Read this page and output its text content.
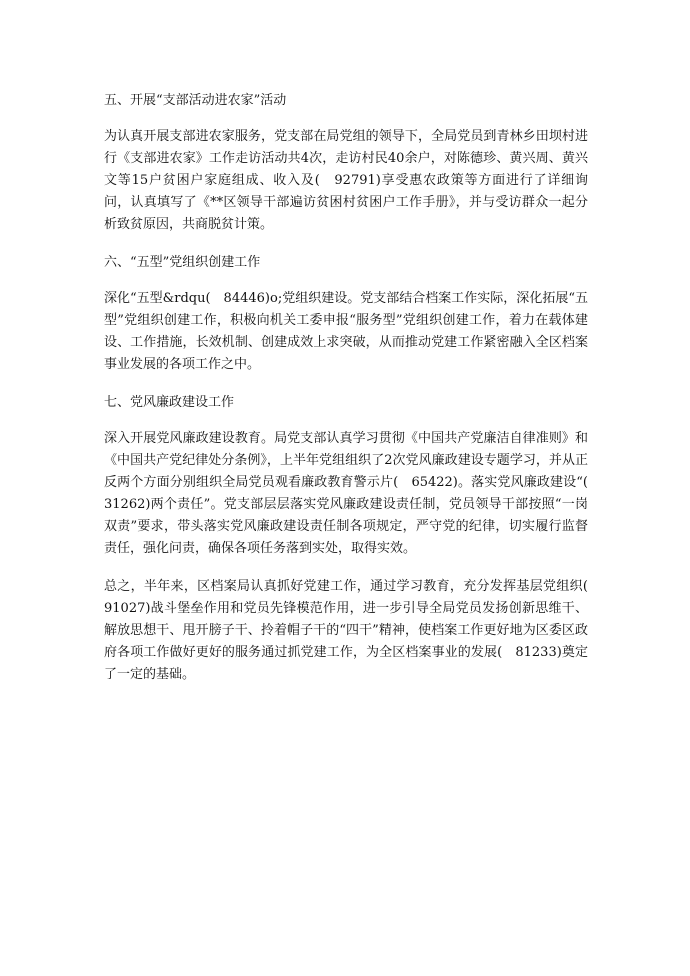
五、开展“支部活动进农家”活动

为认真开展支部进农家服务，党支部在局党组的领导下，全局党员到青林乡田坝村进行《支部进农家》工作走访活动共4次，走访村民40余户，对陈德珍、黄兴周、黄兴文等15户贫困户家庭组成、收入及(　92791)享受惠农政策等方面进行了详细询问，认真填写了《**区领导干部遍访贫困村贫困户工作手册》，并与受访群众一起分析致贫原因，共商脱贫计策。

六、“五型”党组织创建工作

深化“五型&rdqu(　84446)o;党组织建设。党支部结合档案工作实际，深化拓展“五型”党组织创建工作，积极向机关工委申报“服务型”党组织创建工作，着力在载体建设、工作措施，长效机制、创建成效上求突破，从而推动党建工作紧密融入全区档案事业发展的各项工作之中。

七、党风廉政建设工作

深入开展党风廉政建设教育。局党支部认真学习贯彻《中国共产党廉洁自律准则》和《中国共产党纪律处分条例》，上半年党组组织了2次党风廉政建设专题学习，并从正反两个方面分别组织全局党员观看廉政教育警示片(　65422)。落实党风廉政建设“(　31262)两个责任”。党支部层层落实党风廉政建设责任制，党员领导干部按照“一岗双责”要求，带头落实党风廉政建设责任制各项规定，严守党的纪律，切实履行监督责任，强化问责，确保各项任务落到实处，取得实效。

总之，半年来，区档案局认真抓好党建工作，通过学习教育，充分发挥基层党组织(　91027)战斗堡垒作用和党员先锋模范作用，进一步引导全局党员发扬创新思维干、解放思想干、甩开膀子干、拎着帽子干的“四干”精神，使档案工作更好地为区委区政府各项工作做好更好的服务通过抓党建工作，为全区档案事业的发展(　81233)奠定了一定的基础。
